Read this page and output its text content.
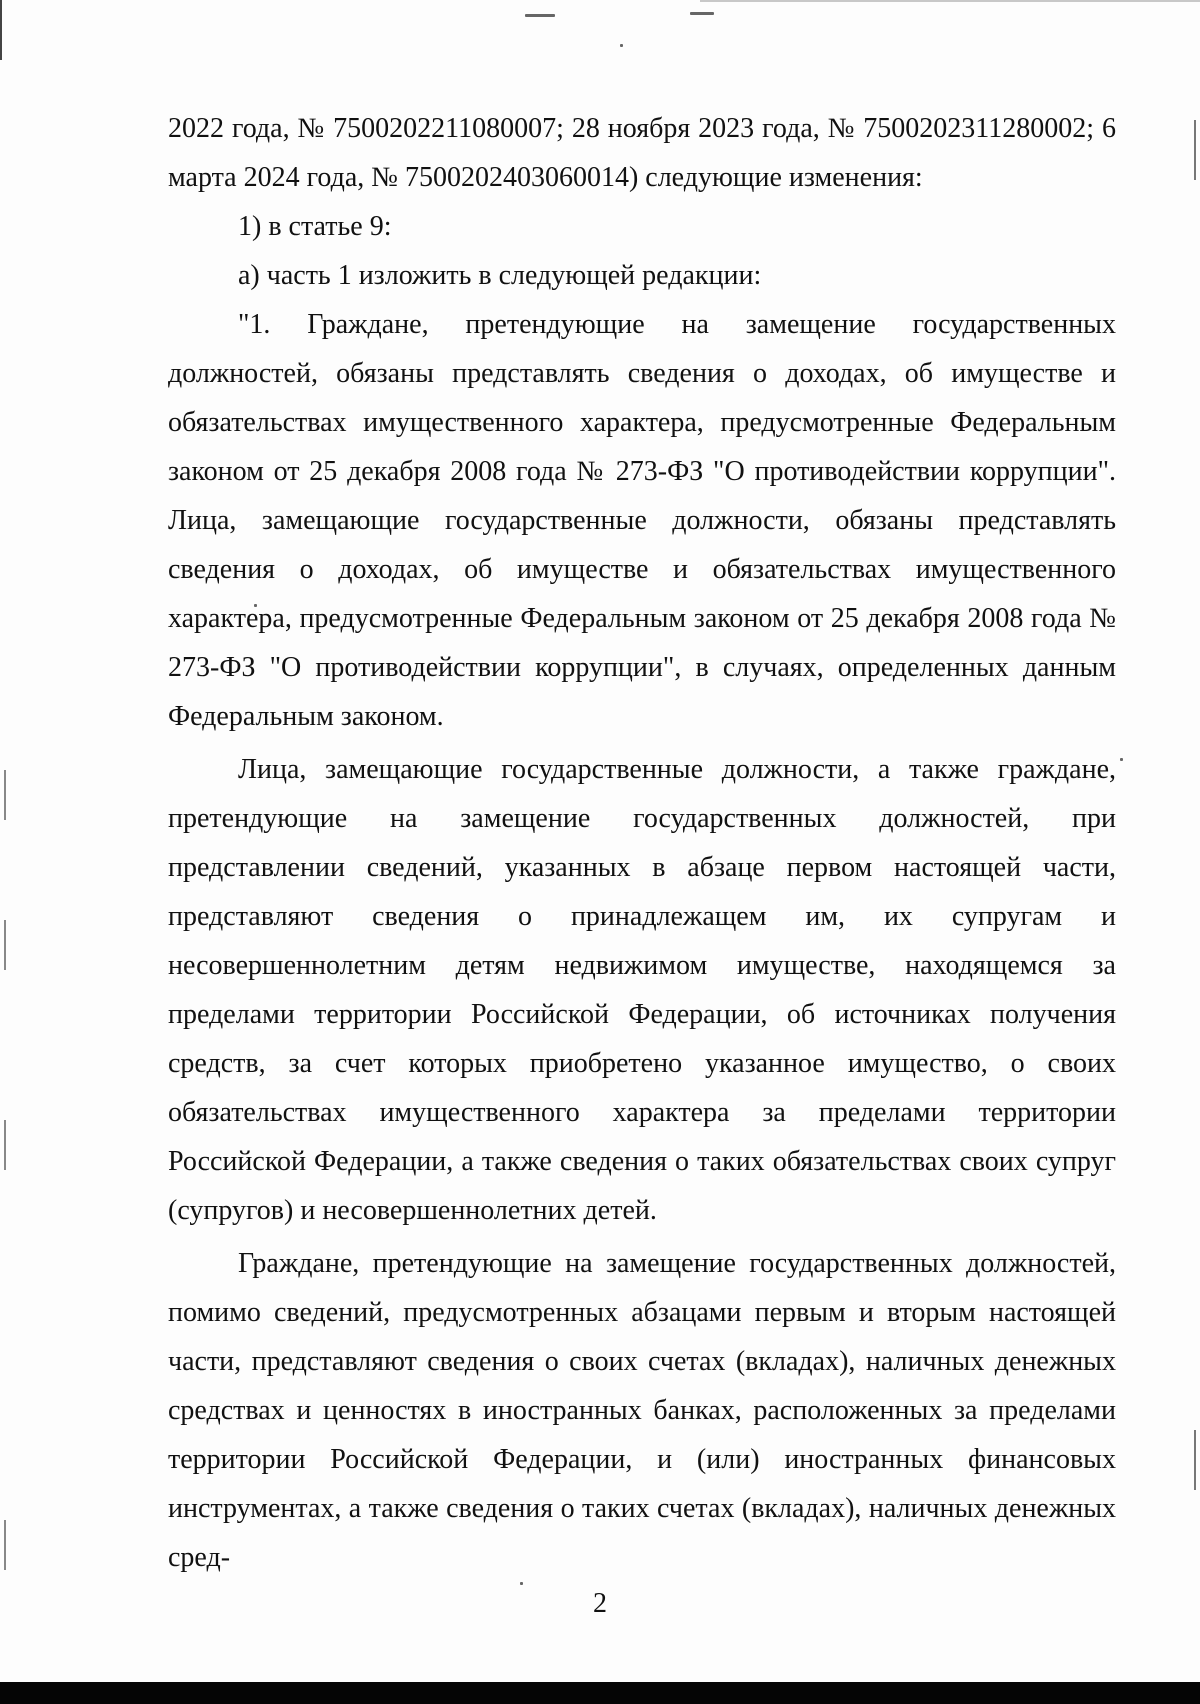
2022 года, № 7500202211080007; 28 ноября 2023 года, № 7500202311280002; 6 марта 2024 года, № 7500202403060014) следующие изменения:

1) в статье 9:

а) часть 1 изложить в следующей редакции:

"1. Граждане, претендующие на замещение государственных должностей, обязаны представлять сведения о доходах, об имуществе и обязательствах имущественного характера, предусмотренные Федеральным законом от 25 декабря 2008 года № 273-ФЗ "О противодействии коррупции". Лица, замещающие государственные должности, обязаны представлять сведения о доходах, об имуществе и обязательствах имущественного характера, предусмотренные Федеральным законом от 25 декабря 2008 года № 273-ФЗ "О противодействии коррупции", в случаях, определенных данным Федеральным законом.

Лица, замещающие государственные должности, а также граждане, претендующие на замещение государственных должностей, при представлении сведений, указанных в абзаце первом настоящей части, представляют сведения о принадлежащем им, их супругам и несовершеннолетним детям недвижимом имуществе, находящемся за пределами территории Российской Федерации, об источниках получения средств, за счет которых приобретено указанное имущество, о своих обязательствах имущественного характера за пределами территории Российской Федерации, а также сведения о таких обязательствах своих супруг (супругов) и несовершеннолетних детей.

Граждане, претендующие на замещение государственных должностей, помимо сведений, предусмотренных абзацами первым и вторым настоящей части, представляют сведения о своих счетах (вкладах), наличных денежных средствах и ценностях в иностранных банках, расположенных за пределами территории Российской Федерации, и (или) иностранных финансовых инструментах, а также сведения о таких счетах (вкладах), наличных денежных сред-

2
